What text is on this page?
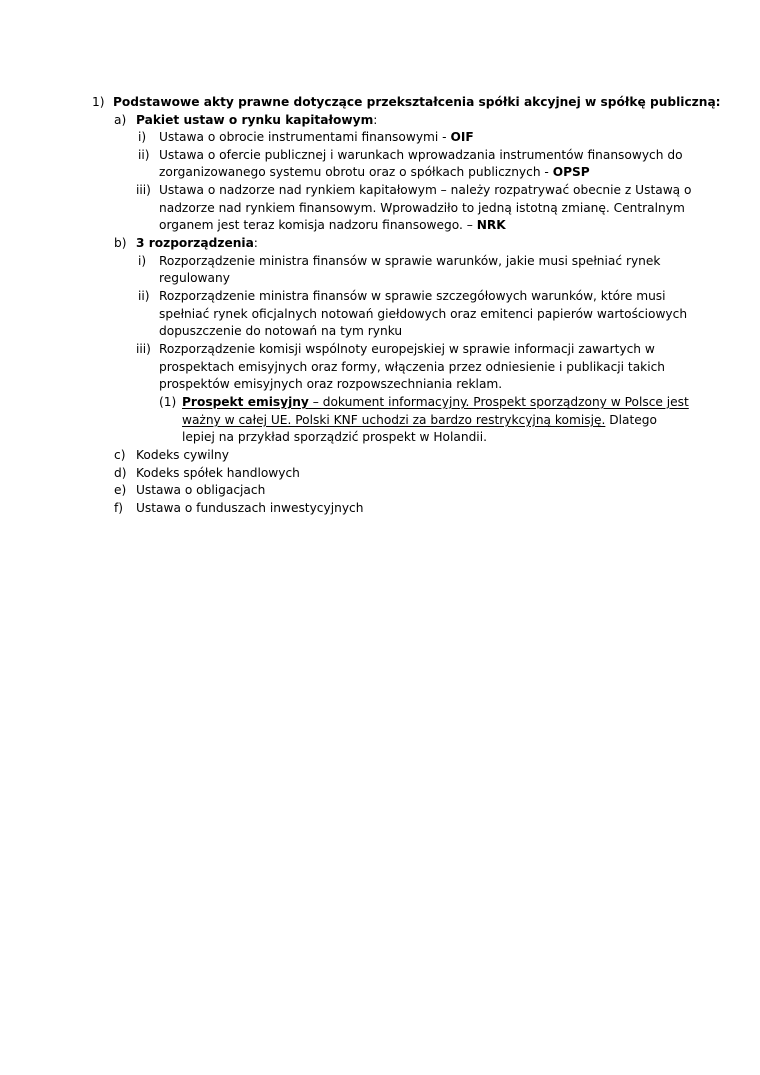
1) Podstawowe akty prawne dotyczące przekształcenia spółki akcyjnej w spółkę publiczną:
a) Pakiet ustaw o rynku kapitałowym:
i) Ustawa o obrocie instrumentami finansowymi - OIF
ii) Ustawa o ofercie publicznej i warunkach wprowadzania instrumentów finansowych do
zorganizowanego systemu obrotu oraz o spółkach publicznych - OPSP
iii) Ustawa o nadzorze nad rynkiem kapitałowym – należy rozpatrywać obecnie z Ustawą o
nadzorze nad rynkiem finansowym. Wprowadziło to jedną istotną zmianę. Centralnym
organem jest teraz komisja nadzoru finansowego. – NRK
b) 3 rozporządzenia:
i) Rozporządzenie ministra finansów w sprawie warunków, jakie musi spełniać rynek
regulowany
ii) Rozporządzenie ministra finansów w sprawie szczegółowych warunków, które musi
spełniać rynek oficjalnych notowań giełdowych oraz emitenci papierów wartościowych
dopuszczenie do notowań na tym rynku
iii) Rozporządzenie komisji wspólnoty europejskiej w sprawie informacji zawartych w
prospektach emisyjnych oraz formy, włączenia przez odniesienie i publikacji takich
prospektów emisyjnych oraz rozpowszechniania reklam.
(1) Prospekt emisyjny – dokument informacyjny. Prospekt sporządzony w Polsce jest
ważny w całej UE. Polski KNF uchodzi za bardzo restrykcyjną komisję. Dlatego
lepiej na przykład sporządzić prospekt w Holandii.
c) Kodeks cywilny
d) Kodeks spółek handlowych
e) Ustawa o obligacjach
f) Ustawa o funduszach inwestycyjnych
